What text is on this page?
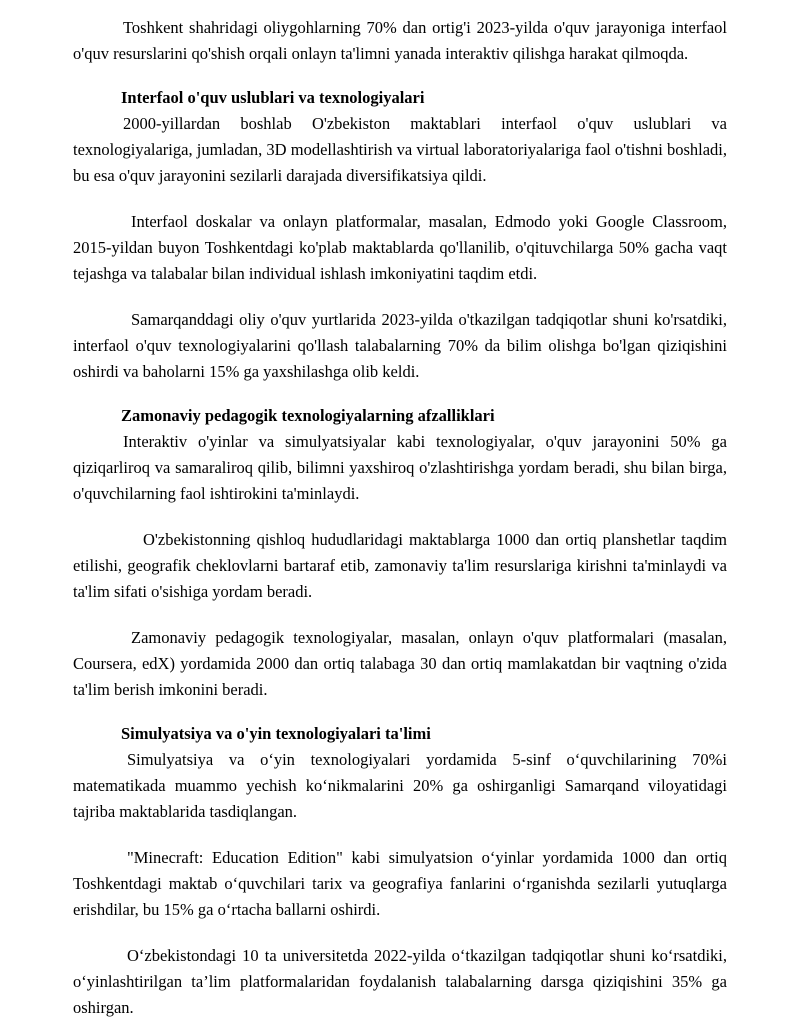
Toshkent shahridagi oliygohlarning 70% dan ortig'i 2023-yilda o'quv jarayoniga interfaol o'quv resurslarini qo'shish orqali onlayn ta'limni yanada interaktiv qilishga harakat qilmoqda.

Interfaol o'quv uslublari va texnologiyalari

2000-yillardan boshlab O'zbekiston maktablari interfaol o'quv uslublari va texnologiyalariga, jumladan, 3D modellashtirish va virtual laboratoriyalariga faol o'tishni boshladi, bu esa o'quv jarayonini sezilarli darajada diversifikatsiya qildi.

Interfaol doskalar va onlayn platformalar, masalan, Edmodo yoki Google Classroom, 2015-yildan buyon Toshkentdagi ko'plab maktablarda qo'llanilib, o'qituvchilarga 50% gacha vaqt tejashga va talabalar bilan individual ishlash imkoniyatini taqdim etdi.

Samarqanddagi oliy o'quv yurtlarida 2023-yilda o'tkazilgan tadqiqotlar shuni ko'rsatdiki, interfaol o'quv texnologiyalarini qo'llash talabalarning 70% da bilim olishga bo'lgan qiziqishini oshirdi va baholarni 15% ga yaxshilashga olib keldi.

Zamonaviy pedagogik texnologiyalarning afzalliklari

Interaktiv o'yinlar va simulyatsiyalar kabi texnologiyalar, o'quv jarayonini 50% ga qiziqarliroq va samaraliroq qilib, bilimni yaxshiroq o'zlashtirishga yordam beradi, shu bilan birga, o'quvchilarning faol ishtirokini ta'minlaydi.

O'zbekistonning qishloq hududlaridagi maktablarga 1000 dan ortiq planshetlar taqdim etilishi, geografik cheklovlarni bartaraf etib, zamonaviy ta'lim resurslariga kirishni ta'minlaydi va ta'lim sifati o'sishiga yordam beradi.

Zamonaviy pedagogik texnologiyalar, masalan, onlayn o'quv platformalari (masalan, Coursera, edX) yordamida 2000 dan ortiq talabaga 30 dan ortiq mamlakatdan bir vaqtning o'zida ta'lim berish imkonini beradi.

Simulyatsiya va o'yin texnologiyalari ta'limi

Simulyatsiya va o‘yin texnologiyalari yordamida 5-sinf o‘quvchilarining 70%i matematikada muammo yechish ko‘nikmalarini 20% ga oshirganligi Samarqand viloyatidagi tajriba maktablarida tasdiqlangan.

"Minecraft: Education Edition" kabi simulyatsion o‘yinlar yordamida 1000 dan ortiq Toshkentdagi maktab o‘quvchilari tarix va geografiya fanlarini o‘rganishda sezilarli yutuqlarga erishdilar, bu 15% ga o‘rtacha ballarni oshirdi.

O‘zbekistondagi 10 ta universitetda 2022-yilda o‘tkazilgan tadqiqotlar shuni ko‘rsatdiki, o‘yinlashtirilgan ta’lim platformalaridan foydalanish talabalarning darsga qiziqishini 35% ga oshirgan.
